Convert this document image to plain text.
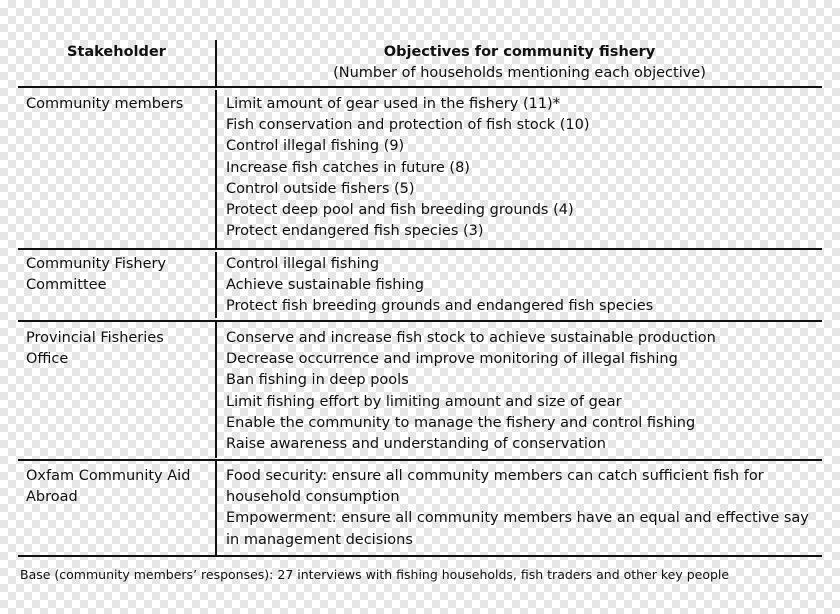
Stakeholder	Objectives for community fishery
(Number of households mentioning each objective)
Community members	Limit amount of gear used in the fishery (11)*
Fish conservation and protection of fish stock (10)
Control illegal fishing (9)
Increase fish catches in future (8)
Control outside fishers (5)
Protect deep pool and fish breeding grounds (4)
Protect endangered fish species (3)
Community Fishery
Committee
Control illegal fishing
Achieve sustainable fishing
Protect fish breeding grounds and endangered fish species
Provincial Fisheries
Office
Conserve and increase fish stock to achieve sustainable production
Decrease occurrence and improve monitoring of illegal fishing
Ban fishing in deep pools
Limit fishing effort by limiting amount and size of gear
Enable the community to manage the fishery and control fishing
Raise awareness and understanding of conservation
Oxfam Community Aid
Abroad
Food security: ensure all community members can catch sufficient fish for
household consumption
Empowerment: ensure all community members have an equal and effective say
in management decisions
Base (community members’ responses): 27 interviews with fishing households, fish traders and other key people
